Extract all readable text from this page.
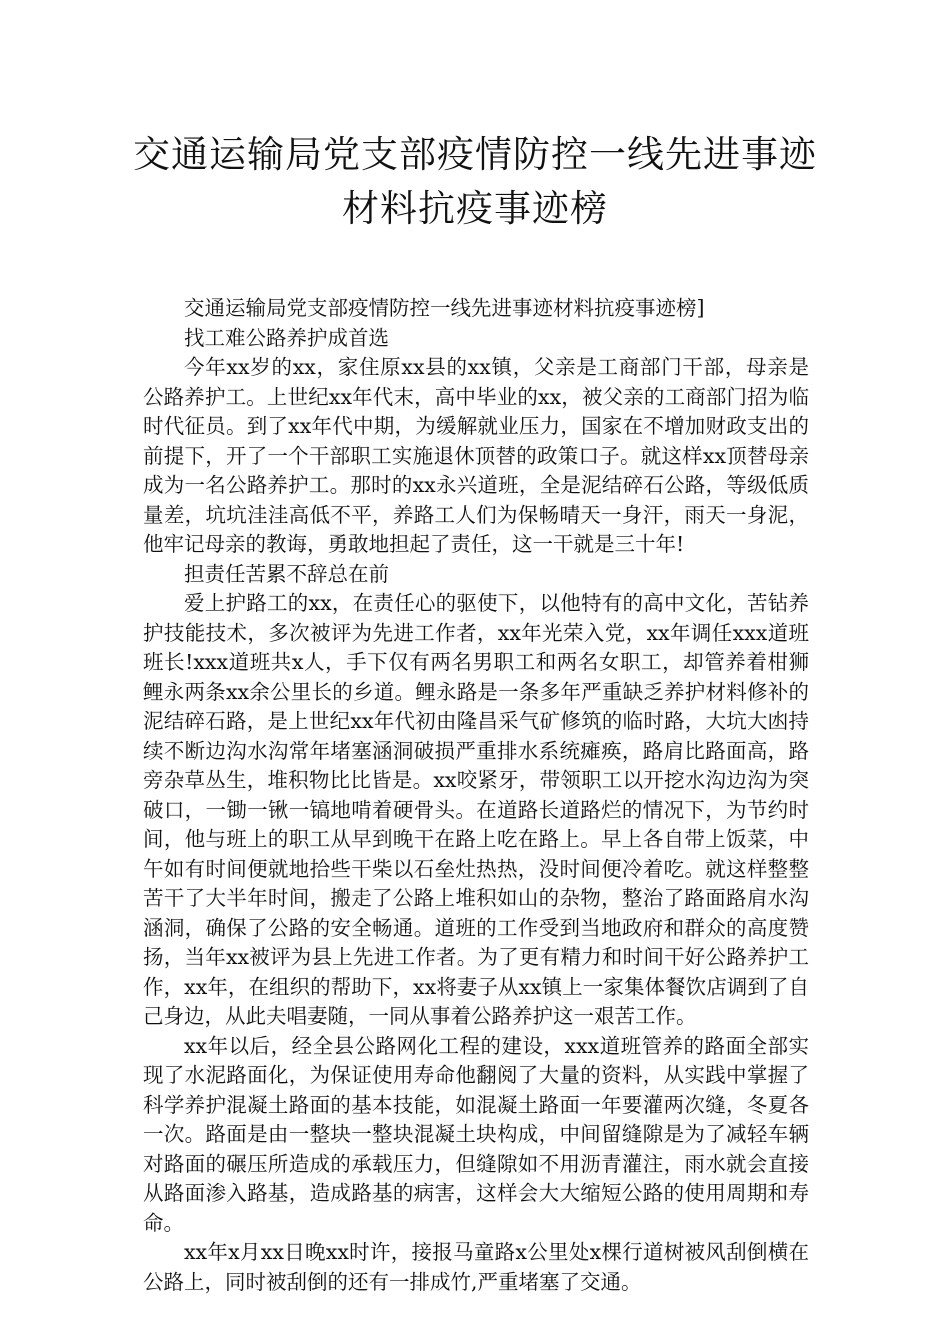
交通运输局党支部疫情防控一线先进事迹材料抗疫事迹榜

交通运输局党支部疫情防控一线先进事迹材料抗疫事迹榜]

找工难公路养护成首选

今年xx岁的xx，家住原xx县的xx镇，父亲是工商部门干部，母亲是公路养护工。上世纪xx年代末，高中毕业的xx，被父亲的工商部门招为临时代征员。到了xx年代中期，为缓解就业压力，国家在不增加财政支出的前提下，开了一个干部职工实施退休顶替的政策口子。就这样xx顶替母亲成为一名公路养护工。那时的xx永兴道班，全是泥结碎石公路，等级低质量差，坑坑洼洼高低不平，养路工人们为保畅晴天一身汗，雨天一身泥，他牢记母亲的教诲，勇敢地担起了责任，这一干就是三十年!

担责任苦累不辞总在前

爱上护路工的xx，在责任心的驱使下，以他特有的高中文化，苦钻养护技能技术，多次被评为先进工作者，xx年光荣入党，xx年调任xxx道班班长!xxx道班共x人，手下仅有两名男职工和两名女职工，却管养着柑狮鲤永两条xx余公里长的乡道。鲤永路是一条多年严重缺乏养护材料修补的泥结碎石路，是上世纪xx年代初由隆昌采气矿修筑的临时路，大坑大凼持续不断边沟水沟常年堵塞涵洞破损严重排水系统瘫痪，路肩比路面高，路旁杂草丛生，堆积物比比皆是。xx咬紧牙，带领职工以开挖水沟边沟为突破口，一锄一锹一镐地啃着硬骨头。在道路长道路烂的情况下，为节约时间，他与班上的职工从早到晚干在路上吃在路上。早上各自带上饭菜，中午如有时间便就地拾些干柴以石垒灶热热，没时间便冷着吃。就这样整整苦干了大半年时间，搬走了公路上堆积如山的杂物，整治了路面路肩水沟涵洞，确保了公路的安全畅通。道班的工作受到当地政府和群众的高度赞扬，当年xx被评为县上先进工作者。为了更有精力和时间干好公路养护工作，xx年，在组织的帮助下，xx将妻子从xx镇上一家集体餐饮店调到了自己身边，从此夫唱妻随，一同从事着公路养护这一艰苦工作。

xx年以后，经全县公路网化工程的建设，xxx道班管养的路面全部实现了水泥路面化，为保证使用寿命他翻阅了大量的资料，从实践中掌握了科学养护混凝土路面的基本技能，如混凝土路面一年要灌两次缝，冬夏各一次。路面是由一整块一整块混凝土块构成，中间留缝隙是为了减轻车辆对路面的碾压所造成的承载压力，但缝隙如不用沥青灌注，雨水就会直接从路面渗入路基，造成路基的病害，这样会大大缩短公路的使用周期和寿命。

xx年x月xx日晚xx时许，接报马童路x公里处x棵行道树被风刮倒横在公路上，同时被刮倒的还有一排成竹,严重堵塞了交通。
